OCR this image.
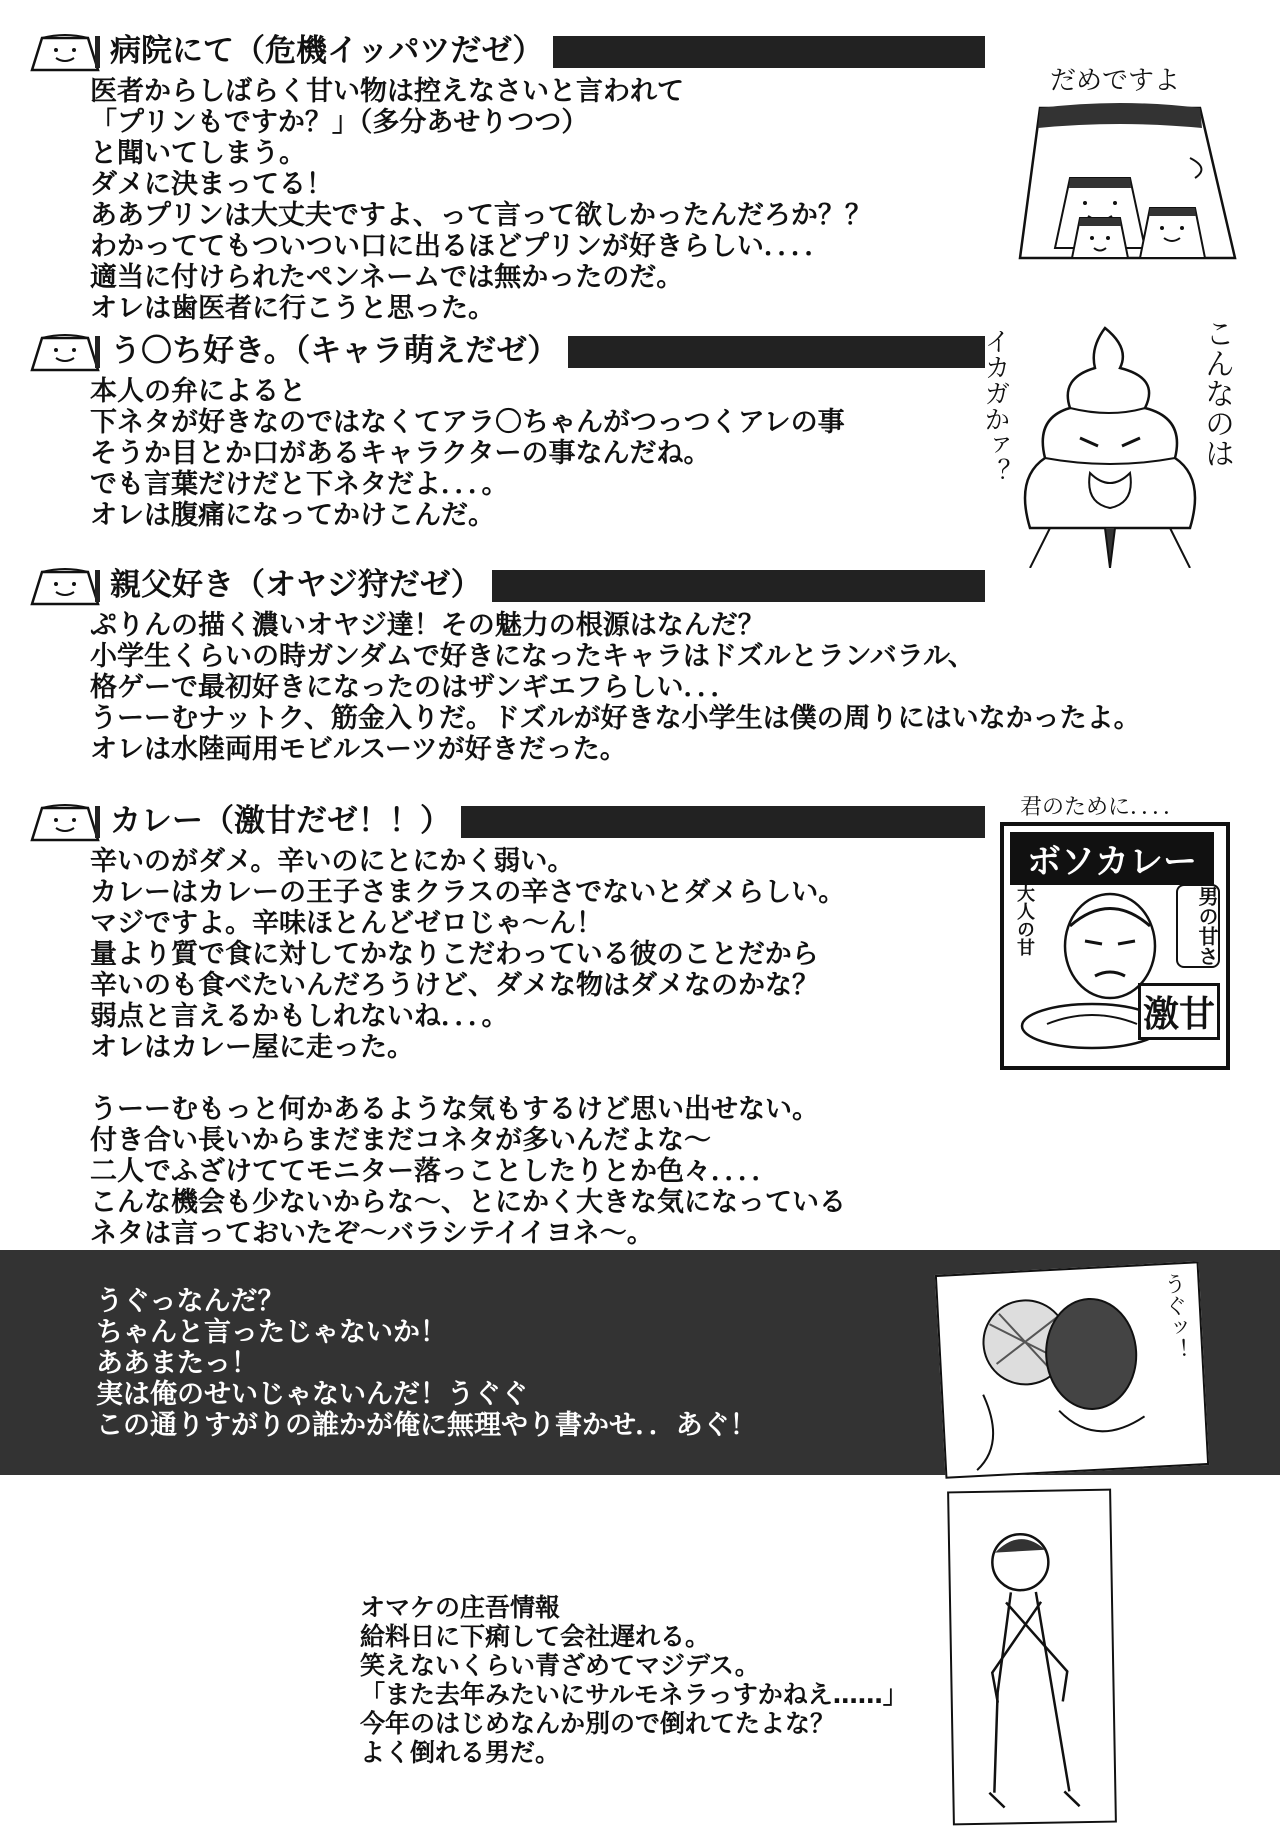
病院にて（危機イッパツだゼ）
医者からしばらく甘い物は控えなさいと言われて
「プリンもですか？」（多分あせりつつ）
と聞いてしまう。
ダメに決まってる！
ああプリンは大丈夫ですよ、って言って欲しかったんだろか？？
わかっててもついつい口に出るほどプリンが好きらしい．．．．
適当に付けられたペンネームでは無かったのだ。
オレは歯医者に行こうと思った。
う〇ち好き。（キャラ萌えだゼ）
本人の弁によると
下ネタが好きなのではなくてアラ〇ちゃんがつっつくアレの事
そうか目とか口があるキャラクターの事なんだね。
でも言葉だけだと下ネタだよ．．．。
オレは腹痛になってかけこんだ。
親父好き（オヤジ狩だゼ）
ぷりんの描く濃いオヤジ達！その魅力の根源はなんだ？
小学生くらいの時ガンダムで好きになったキャラはドズルとランバラル、
格ゲーで最初好きになったのはザンギエフらしい．．．
うーーむナットク、筋金入りだ。ドズルが好きな小学生は僕の周りにはいなかったよ。
オレは水陸両用モビルスーツが好きだった。
カレー（激甘だゼ！！）
辛いのがダメ。辛いのにとにかく弱い。
カレーはカレーの王子さまクラスの辛さでないとダメらしい。
マジですよ。辛味ほとんどゼロじゃ〜ん！
量より質で食に対してかなりこだわっている彼のことだから
辛いのも食べたいんだろうけど、ダメな物はダメなのかな？
弱点と言えるかもしれないね．．．。
オレはカレー屋に走った。
うーーむもっと何かあるような気もするけど思い出せない。
付き合い長いからまだまだコネタが多いんだよな〜
二人でふざけててモニター落っことしたりとか色々．．．．
こんな機会も少ないからな〜、とにかく大きな気になっている
ネタは言っておいたぞ〜バラシテイイヨネ〜。
だめですよ
こんなのは
イカガかァ？
君のために．．．．
ボソカレー
大人の甘	男の甘さ
激甘
うぐっなんだ？
ちゃんと言ったじゃないか！
ああまたっ！
実は俺のせいじゃないんだ！うぐぐ
この通りすがりの誰かが俺に無理やり書かせ．．あぐ！
うぐッ！
オマケの庄吾情報
給料日に下痢して会社遅れる。
笑えないくらい青ざめてマジデス。
「また去年みたいにサルモネラっすかねえ……」
今年のはじめなんか別ので倒れてたよな？
よく倒れる男だ。
